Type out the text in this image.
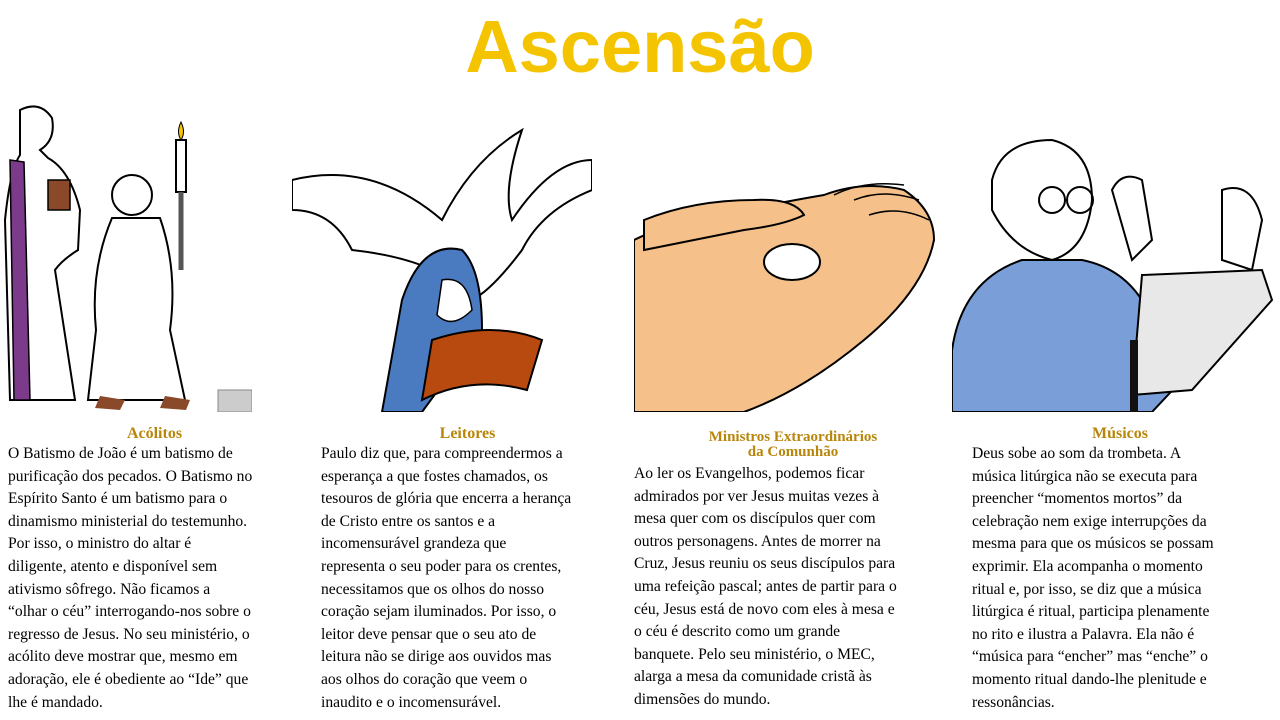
Ascensão
Acólitos
O Batismo de João é um batismo de
purificação dos pecados. O Batismo no
Espírito Santo é um batismo para o
dinamismo ministerial do testemunho.
Por isso, o ministro do altar é
diligente, atento e disponível sem
ativismo sôfrego. Não ficamos a
“olhar o céu” interrogando-nos sobre o
regresso de Jesus. No seu ministério, o
acólito deve mostrar que, mesmo em
adoração, ele é obediente ao “Ide” que
lhe é mandado.
Leitores
Paulo diz que, para compreendermos a
esperança a que fostes chamados, os
tesouros de glória que encerra a herança
de Cristo entre os santos e a
incomensurável grandeza que
representa o seu poder para os crentes,
necessitamos que os olhos do nosso
coração sejam iluminados. Por isso, o
leitor deve pensar que o seu ato de
leitura não se dirige aos ouvidos mas
aos olhos do coração que veem o
inaudito e o incomensurável.
Ministros Extraordinários
da Comunhão
Ao ler os Evangelhos, podemos ficar
admirados por ver Jesus muitas vezes à
mesa quer com os discípulos quer com
outros personagens. Antes de morrer na
Cruz, Jesus reuniu os seus discípulos para
uma refeição pascal; antes de partir para o
céu, Jesus está de novo com eles à mesa e
o céu é descrito como um grande
banquete. Pelo seu ministério, o MEC,
alarga a mesa da comunidade cristã às
dimensões do mundo.
Músicos
Deus sobe ao som da trombeta. A
música litúrgica não se executa para
preencher “momentos mortos” da
celebração nem exige interrupções da
mesma para que os músicos se possam
exprimir. Ela acompanha o momento
ritual e, por isso, se diz que a música
litúrgica é ritual, participa plenamente
no rito e ilustra a Palavra. Ela não é
“música para “encher” mas “enche” o
momento ritual dando-lhe plenitude e
ressonâncias.
